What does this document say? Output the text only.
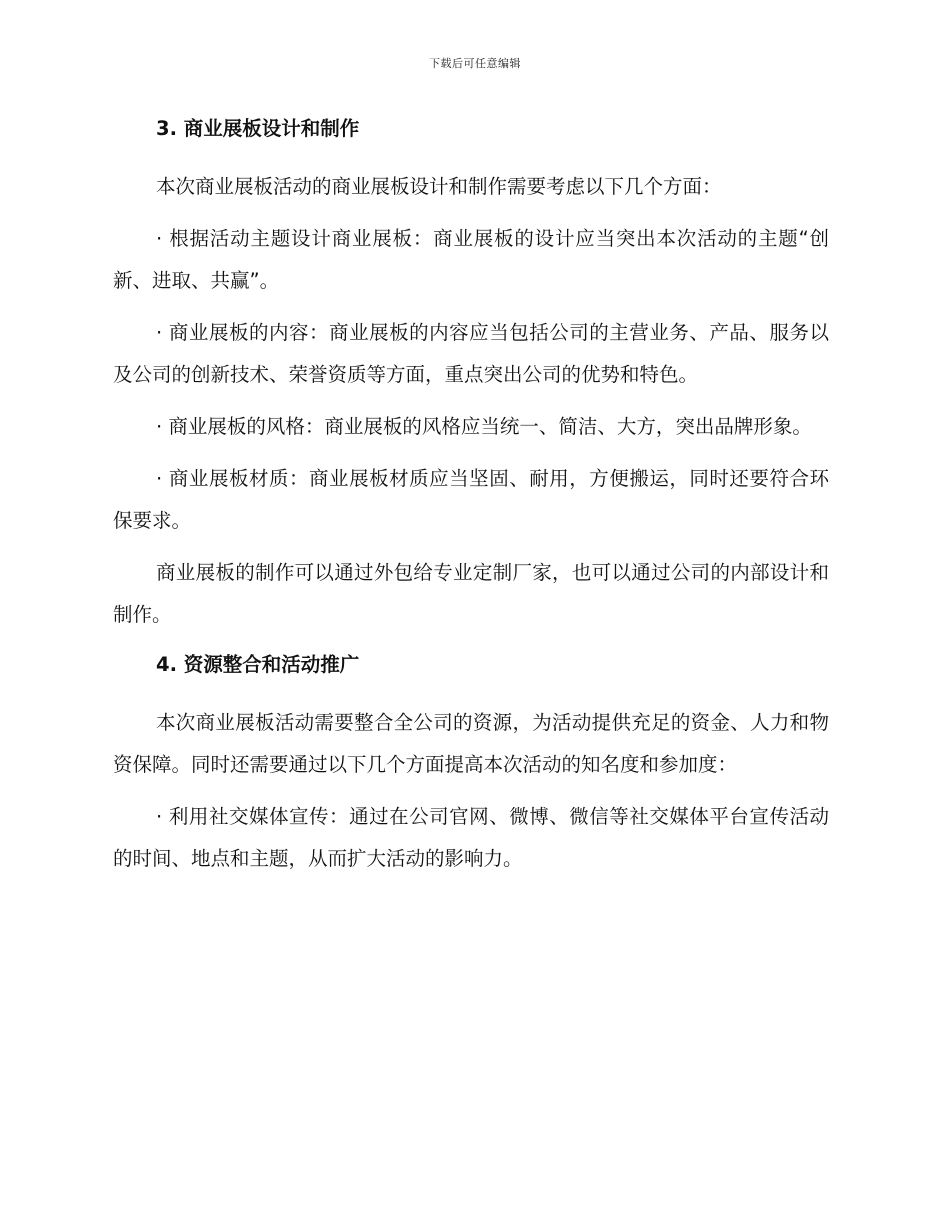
下载后可任意编辑
3. 商业展板设计和制作

本次商业展板活动的商业展板设计和制作需要考虑以下几个方面：

· 根据活动主题设计商业展板：商业展板的设计应当突出本次活动的主题“创新、进取、共赢”。

· 商业展板的内容：商业展板的内容应当包括公司的主营业务、产品、服务以及公司的创新技术、荣誉资质等方面，重点突出公司的优势和特色。

· 商业展板的风格：商业展板的风格应当统一、简洁、大方，突出品牌形象。

· 商业展板材质：商业展板材质应当坚固、耐用，方便搬运，同时还要符合环保要求。

商业展板的制作可以通过外包给专业定制厂家，也可以通过公司的内部设计和制作。

4. 资源整合和活动推广

本次商业展板活动需要整合全公司的资源，为活动提供充足的资金、人力和物资保障。同时还需要通过以下几个方面提高本次活动的知名度和参加度：

· 利用社交媒体宣传：通过在公司官网、微博、微信等社交媒体平台宣传活动的时间、地点和主题，从而扩大活动的影响力。
